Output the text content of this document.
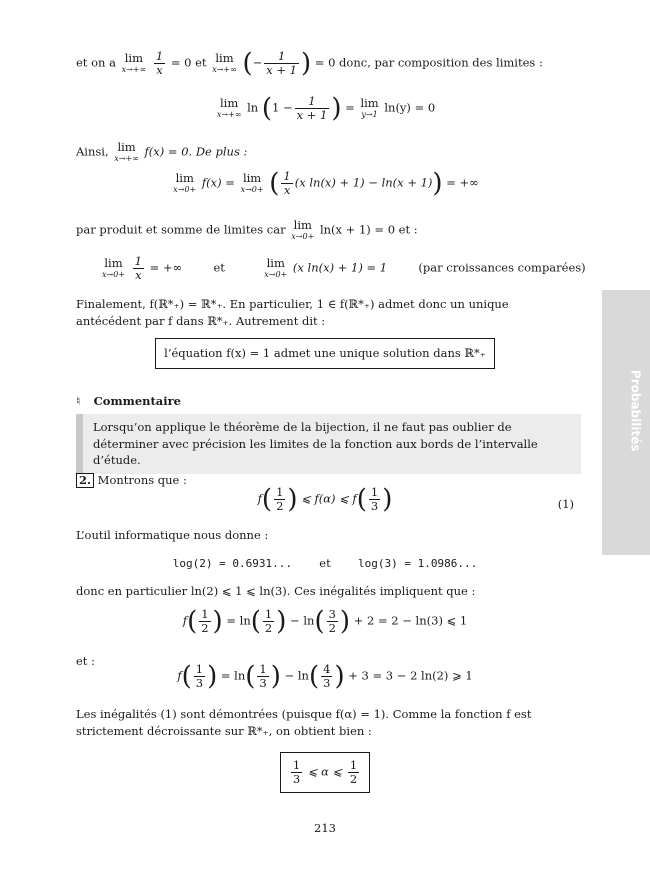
Probabilités
et on a lim
x→+∞
$\frac{1}{x} = 0$ et lim
x→+∞ (− $\frac{1}{x + 1}$ ) = 0 donc, par composition des limites :
lim
x→+∞ $\ln (1 - \frac{1}{x + 1}$ ) = lim
y→1 ln(y) = 0
Ainsi, lim
x→+∞ f(x) = 0. De plus :
lim
x→0+ f(x) = lim
x→0+ ( $\frac{1}{x} (x$ ln(x) + 1) − ln(x + 1)) = +∞
par produit et somme de limites car lim
x→0+ ln(x + 1) = 0 et :
lim
x→0+
$\frac{1}{x}$ = +∞	et	lim
x→0+ (x ln(x) + 1) = 1	(par croissances comparées)
Finalement, f(ℝ*₊) = ℝ*₊. En particulier, 1 ∈ f(ℝ*₊) admet donc un unique antécédent par f dans ℝ*₊. Autrement dit :
l’équation f(x) = 1 admet une unique solution dans ℝ*₊
♮ Commentaire
Lorsqu’on applique le théorème de la bijection, il ne faut pas oublier de déterminer avec précision les limites de la fonction aux bords de l’intervalle d’étude.
2. Montrons que :
$f( \frac{1}{2}$ ) ⩽ f(α) ⩽ $f( \frac{1}{3}$ )	(1)
L’outil informatique nous donne :
log(2) = 0.6931... et log(3) = 1.0986...
donc en particulier ln(2) ⩽ 1 ⩽ ln(3). Ces inégalités impliquent que :
$f( \frac{1}{2}$ ) = $\ln( \frac{1}{2}$ ) − $\ln( \frac{3}{2}$ ) + 2 = 2 − ln(3) ⩽ 1
et :
$f( \frac{1}{3}$ ) = $\ln( \frac{1}{3}$ ) − $\ln( \frac{4}{3}$ ) + 3 = 3 − 2 ln(2) ⩾ 1
Les inégalités (1) sont démontrées (puisque f(α) = 1). Comme la fonction f est strictement décroissante sur ℝ*₊, on obtient bien :
$\frac{1}{3}$ ⩽ α ⩽ $\frac{1}{2}$
213
